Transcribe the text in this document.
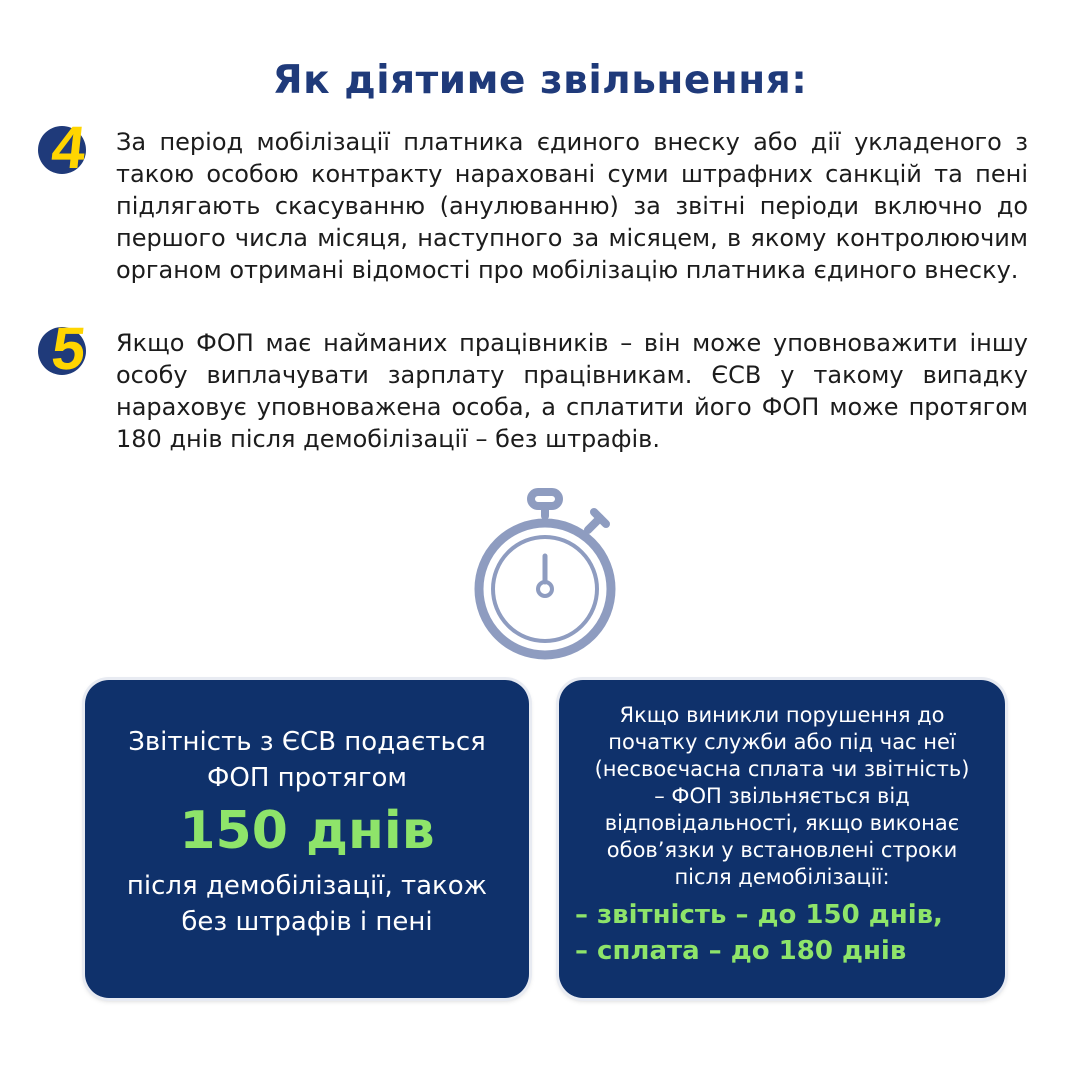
Як діятиме звільнення:
4 За період мобілізації платника єдиного внеску або дії укладеного з такою особою контракту нараховані суми штрафних санкцій та пені підлягають скасуванню (анулюванню) за звітні періоди включно до першого числа місяця, наступного за місяцем, в якому контролюючим органом отримані відомості про мобілізацію платника єдиного внеску.

5 Якщо ФОП має найманих працівників – він може уповноважити іншу особу виплачувати зарплату працівникам. ЄСВ у такому випадку нараховує уповноважена особа, а сплатити його ФОП може протягом 180 днів після демобілізації – без штрафів.

Звітність з ЄСВ подається
ФОП протягом
150 днів
після демобілізації, також
без штрафів і пені
Якщо виникли порушення до
початку служби або під час неї
(несвоєчасна сплата чи звітність)
– ФОП звільняється від
відповідальності, якщо виконає
обов’язки у встановлені строки
після демобілізації:
– звітність – до 150 днів,
– сплата – до 180 днів
